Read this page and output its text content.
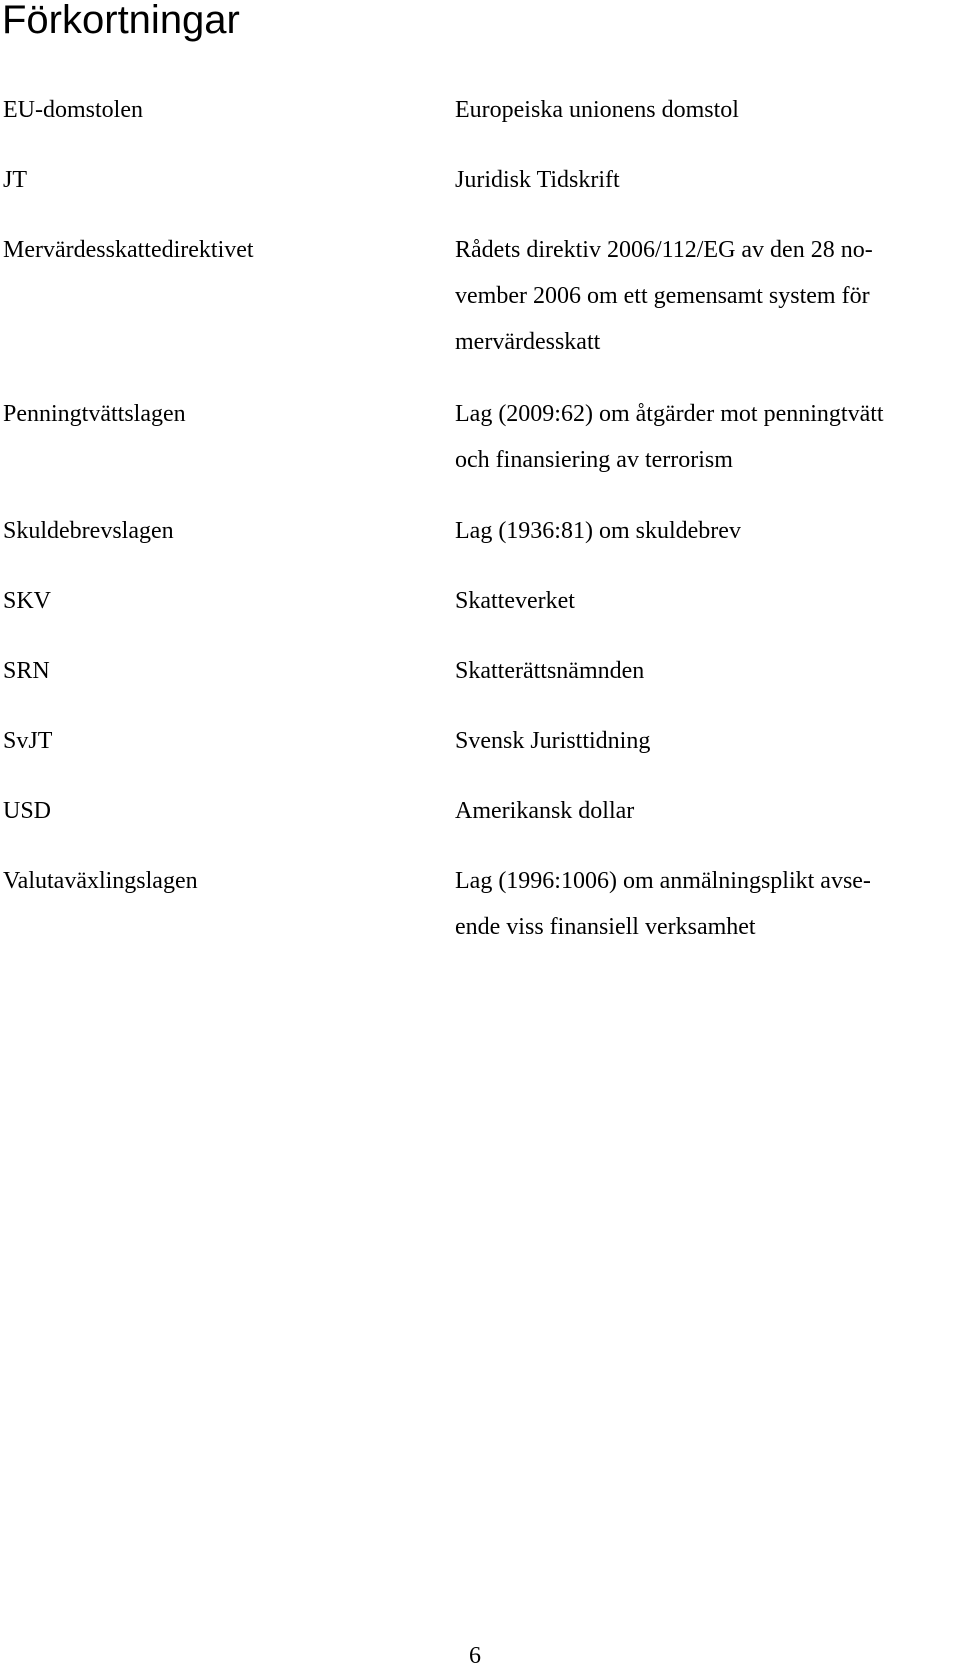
Förkortningar
EU-domstolen	Europeiska unionens domstol
JT	Juridisk Tidskrift
Mervärdesskattedirektivet	Rådets direktiv 2006/112/EG av den 28 no-
vember 2006 om ett gemensamt system för
mervärdesskatt
Penningtvättslagen	Lag (2009:62) om åtgärder mot penningtvätt
och finansiering av terrorism
Skuldebrevslagen	Lag (1936:81) om skuldebrev
SKV	Skatteverket
SRN	Skatterättsnämnden
SvJT	Svensk Juristtidning
USD	Amerikansk dollar
Valutaväxlingslagen	Lag (1996:1006) om anmälningsplikt avse-
ende viss finansiell verksamhet
6
